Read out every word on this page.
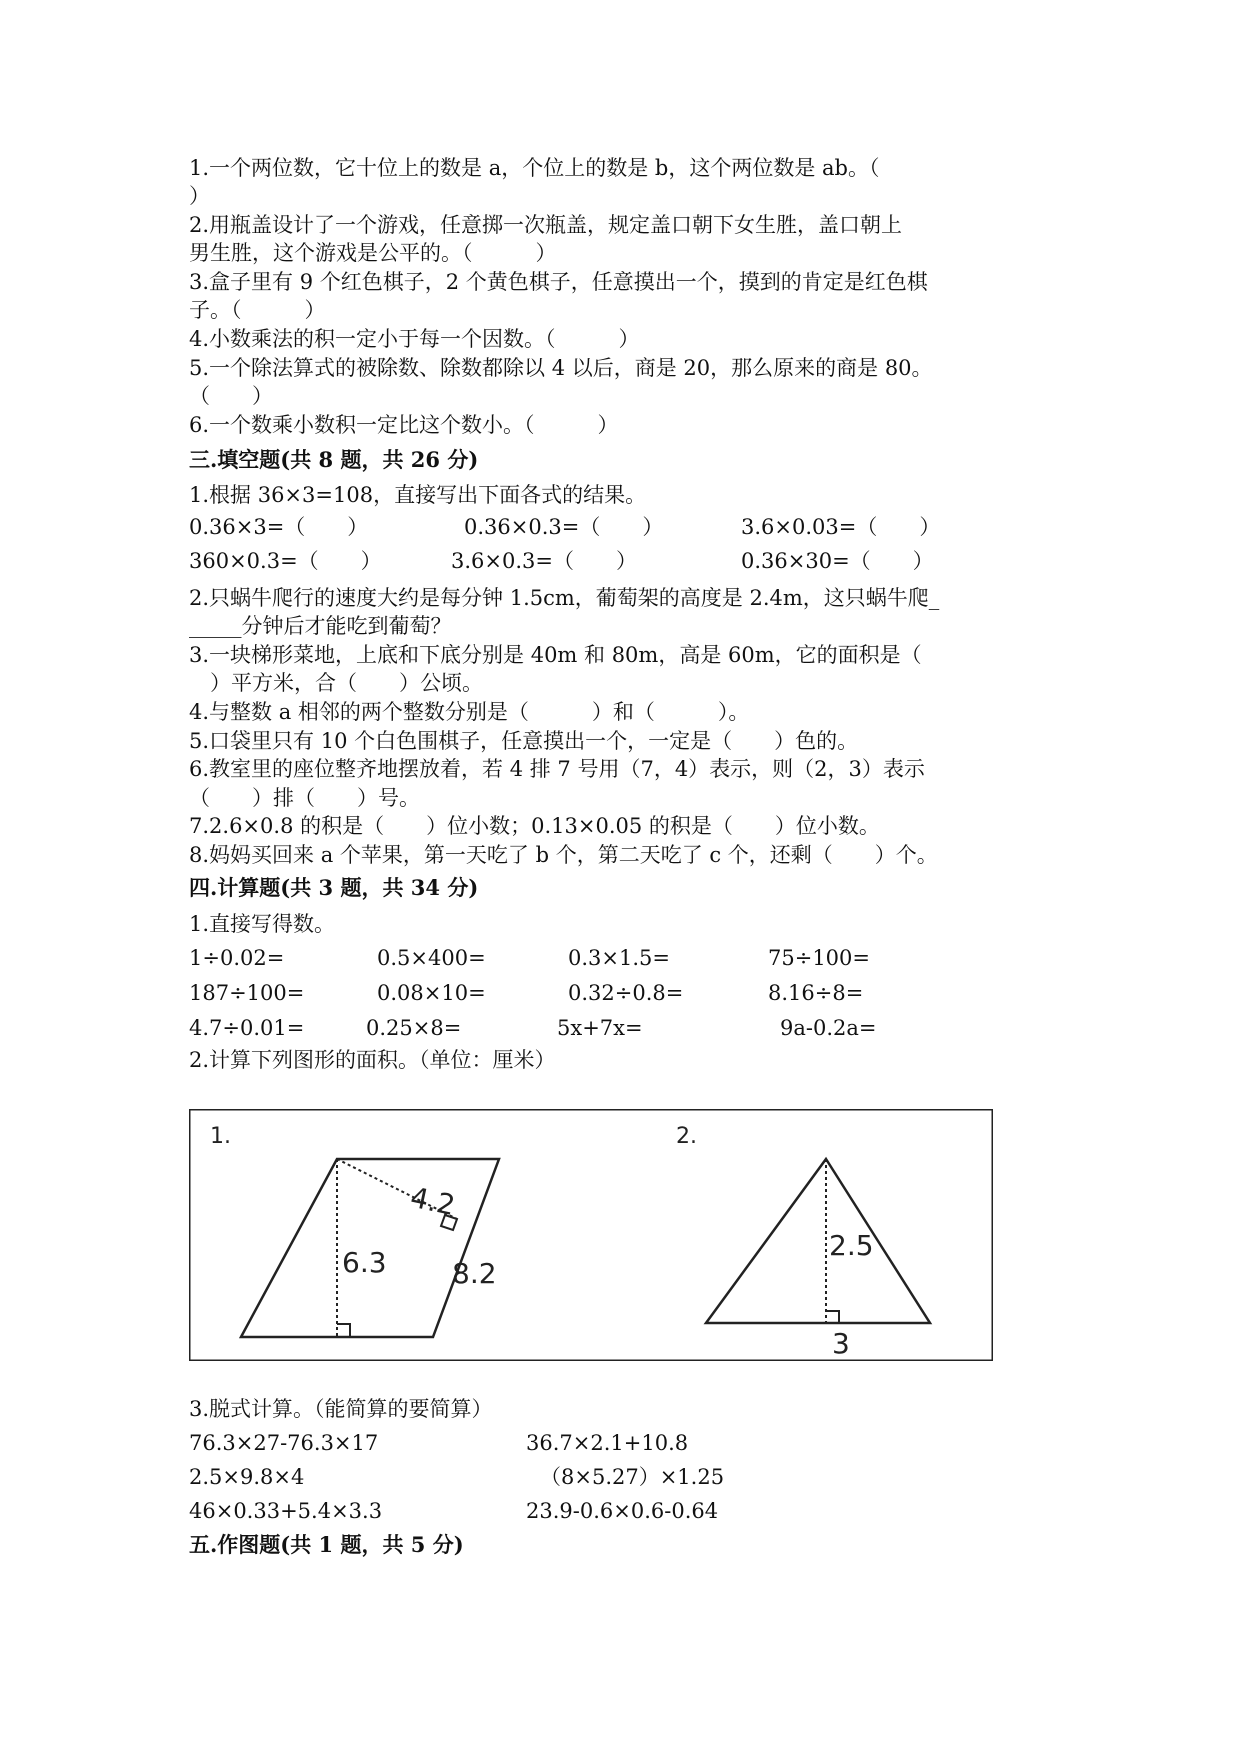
1.一个两位数，它十位上的数是 a，个位上的数是 b，这个两位数是 ab。（
）
2.用瓶盖设计了一个游戏，任意掷一次瓶盖，规定盖口朝下女生胜，盖口朝上
男生胜，这个游戏是公平的。（　　　）
3.盒子里有 9 个红色棋子，2 个黄色棋子，任意摸出一个，摸到的肯定是红色棋
子。（　　　）
4.小数乘法的积一定小于每一个因数。（　　　）
5.一个除法算式的被除数、除数都除以 4 以后，商是 20，那么原来的商是 80。
（　　）
6.一个数乘小数积一定比这个数小。（　　　）
三.填空题(共 8 题，共 26 分)
1.根据 36×3=108，直接写出下面各式的结果。
0.36×3=（　　）	0.36×0.3=（　　）	3.6×0.03=（　　）
360×0.3=（　　）	3.6×0.3=（　　）	0.36×30=（　　）
2.只蜗牛爬行的速度大约是每分钟 1.5cm，葡萄架的高度是 2.4m，这只蜗牛爬_
_____分钟后才能吃到葡萄？
3.一块梯形菜地，上底和下底分别是 40m 和 80m，高是 60m，它的面积是（
　）平方米，合（　　）公顷。
4.与整数 a 相邻的两个整数分别是（　　　）和（　　　）。
5.口袋里只有 10 个白色围棋子，任意摸出一个，一定是（　　）色的。
6.教室里的座位整齐地摆放着，若 4 排 7 号用（7，4）表示，则（2，3）表示
（　　）排（　　）号。
7.2.6×0.8 的积是（　　）位小数；0.13×0.05 的积是（　　）位小数。
8.妈妈买回来 a 个苹果，第一天吃了 b 个，第二天吃了 c 个，还剩（　　）个。
四.计算题(共 3 题，共 34 分)
1.直接写得数。
1÷0.02=	0.5×400=	0.3×1.5=	75÷100=
187÷100=	0.08×10=	0.32÷0.8=	8.16÷8=
4.7÷0.01=	0.25×8=	5x+7x=	9a-0.2a=
2.计算下列图形的面积。（单位：厘米）
1.	2.
4.2
6.3 8.2
2.5
3
3.脱式计算。（能简算的要简算）
76.3×27-76.3×17	36.7×2.1+10.8
2.5×9.8×4	（8×5.27）×1.25
46×0.33+5.4×3.3	23.9-0.6×0.6-0.64
五.作图题(共 1 题，共 5 分)
